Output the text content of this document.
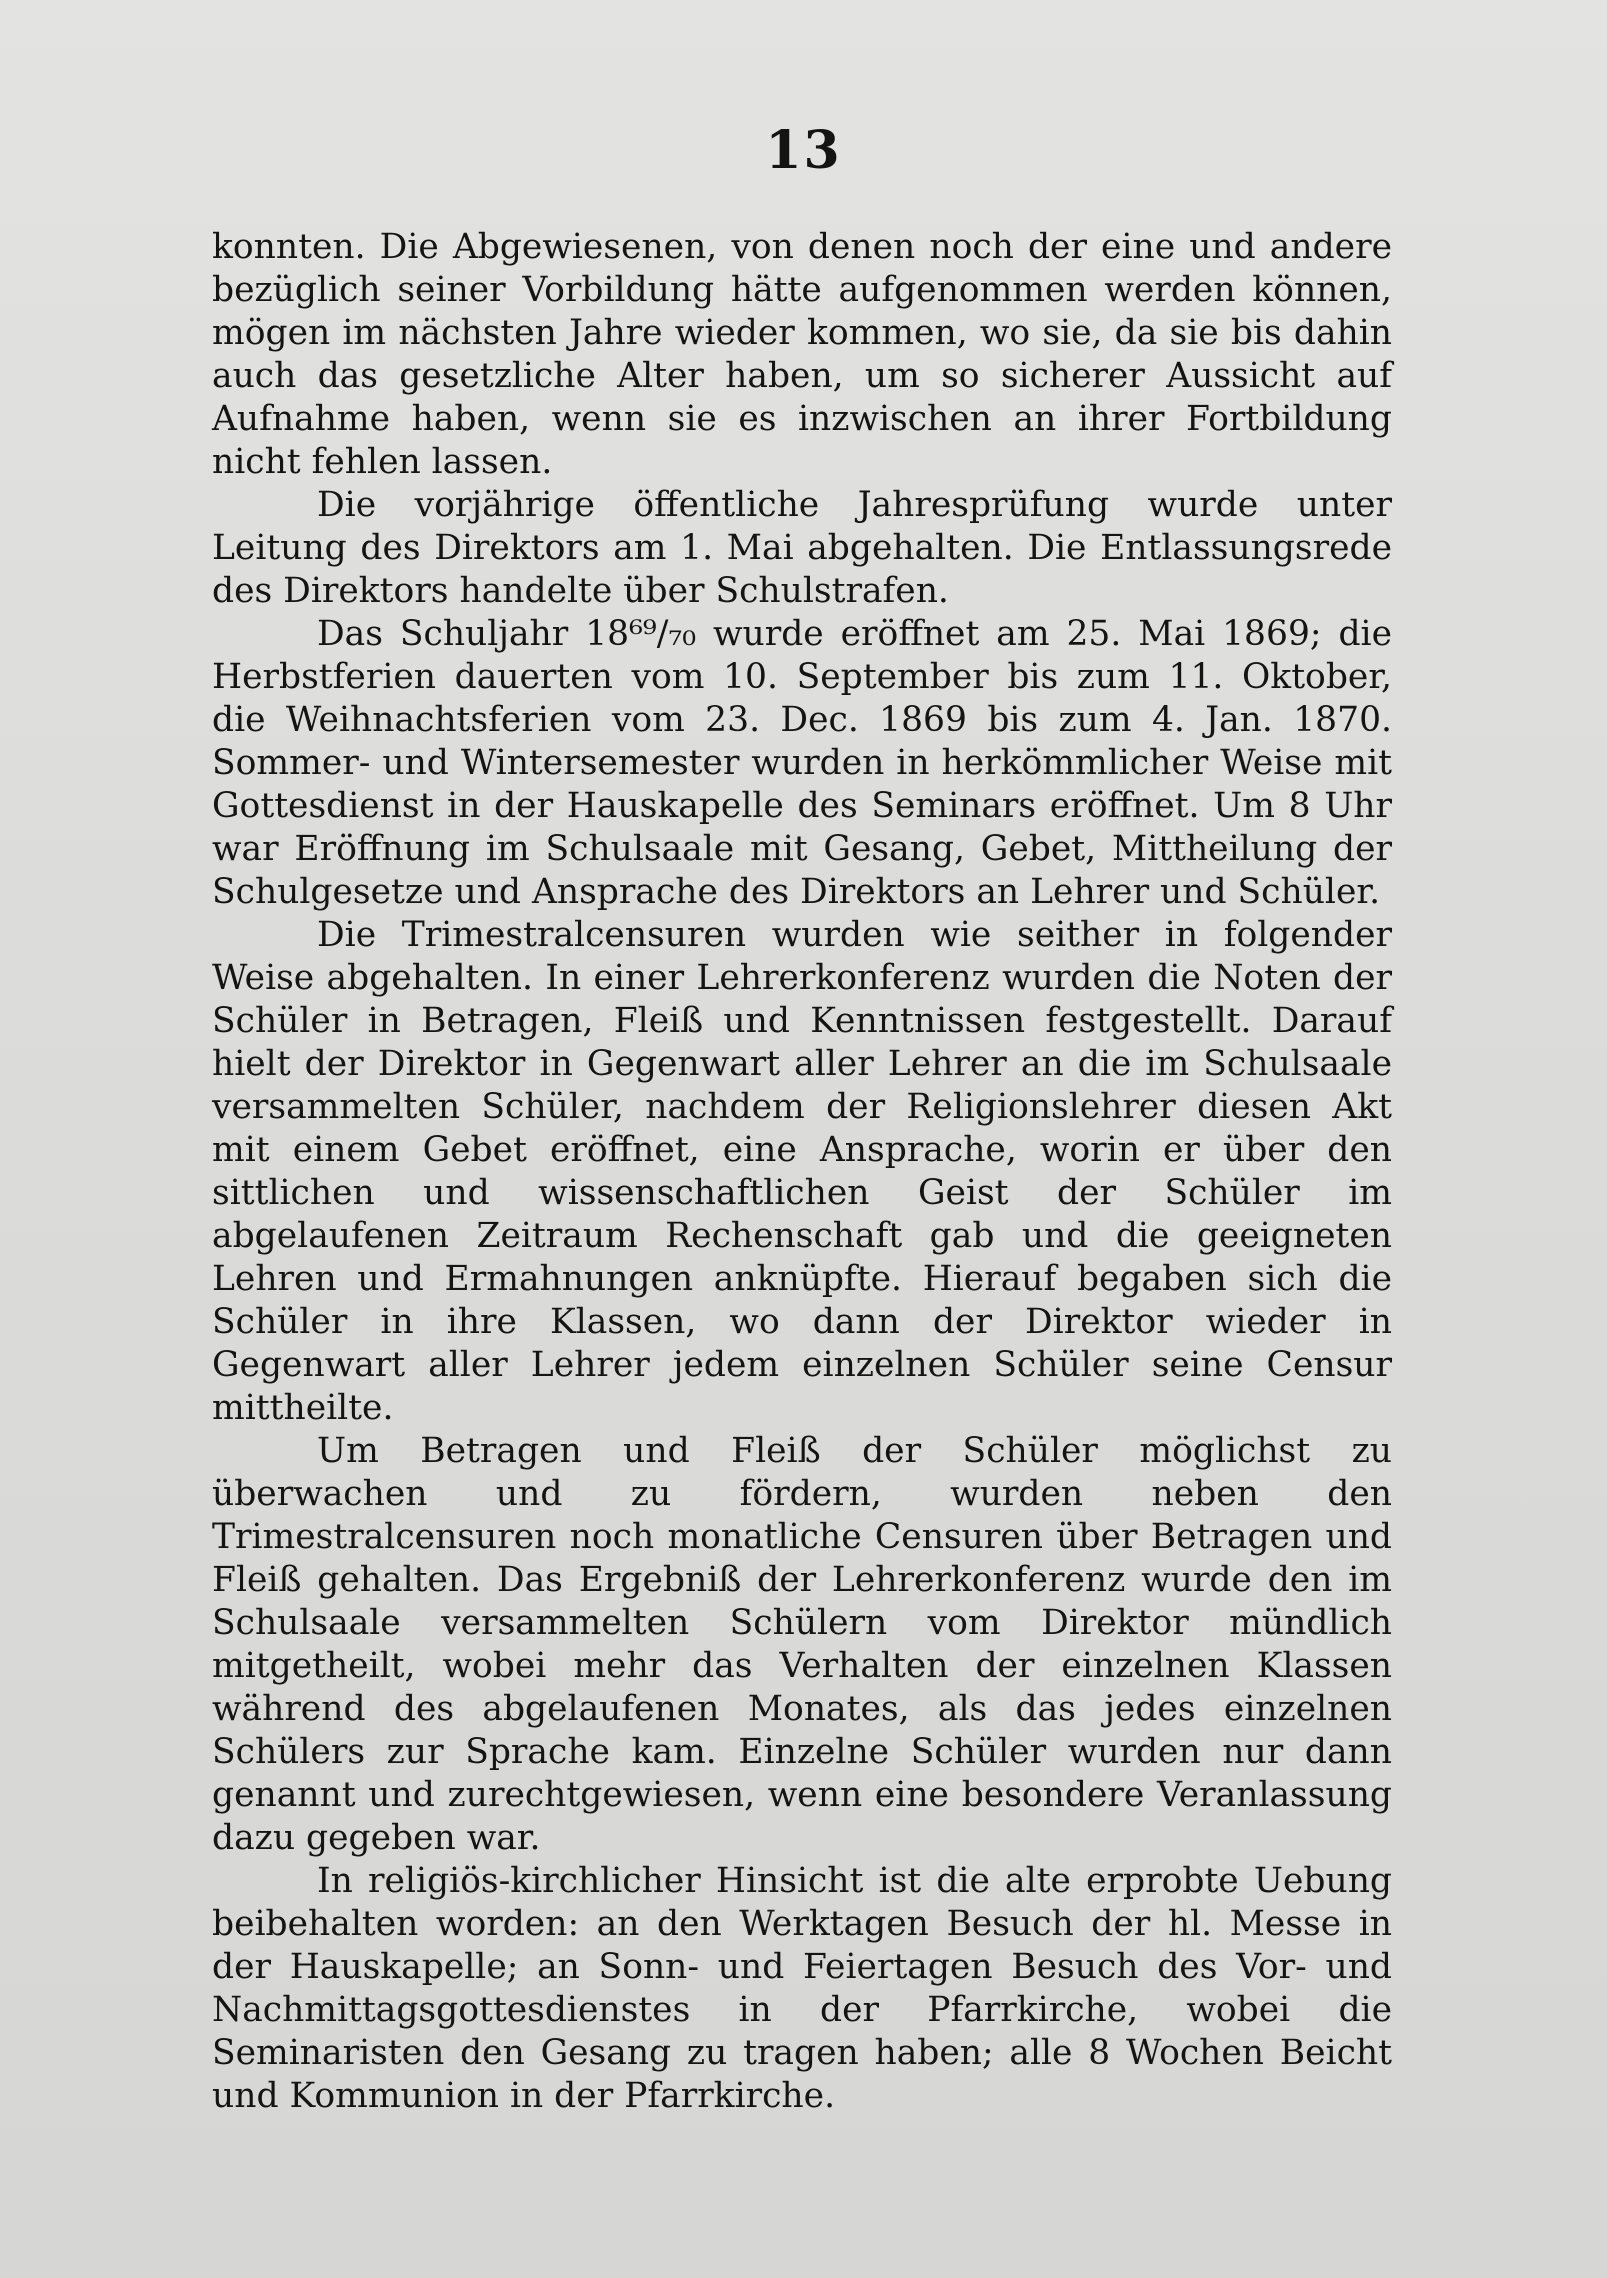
13

konnten. Die Abgewiesenen, von denen noch der eine und andere bezüglich seiner Vorbildung hätte aufgenommen werden können, mögen im nächsten Jahre wieder kommen, wo sie, da sie bis dahin auch das gesetzliche Alter haben, um so sicherer Aussicht auf Aufnahme haben, wenn sie es inzwischen an ihrer Fortbildung nicht fehlen lassen.

Die vorjährige öffentliche Jahresprüfung wurde unter Leitung des Direktors am 1. Mai abgehalten. Die Entlassungsrede des Direktors handelte über Schulstrafen.

Das Schuljahr 18⁶⁹/₇₀ wurde eröffnet am 25. Mai 1869; die Herbstferien dauerten vom 10. September bis zum 11. Oktober, die Weihnachtsferien vom 23. Dec. 1869 bis zum 4. Jan. 1870. Sommer- und Wintersemester wurden in herkömmlicher Weise mit Gottesdienst in der Hauskapelle des Seminars eröffnet. Um 8 Uhr war Eröffnung im Schulsaale mit Gesang, Gebet, Mittheilung der Schulgesetze und Ansprache des Direktors an Lehrer und Schüler.

Die Trimestralcensuren wurden wie seither in folgender Weise abgehalten. In einer Lehrerkonferenz wurden die Noten der Schüler in Betragen, Fleiß und Kenntnissen festgestellt. Darauf hielt der Direktor in Gegenwart aller Lehrer an die im Schulsaale versammelten Schüler, nachdem der Religionslehrer diesen Akt mit einem Gebet eröffnet, eine Ansprache, worin er über den sittlichen und wissenschaftlichen Geist der Schüler im abgelaufenen Zeitraum Rechenschaft gab und die geeigneten Lehren und Ermahnungen anknüpfte. Hierauf begaben sich die Schüler in ihre Klassen, wo dann der Direktor wieder in Gegenwart aller Lehrer jedem einzelnen Schüler seine Censur mittheilte.

Um Betragen und Fleiß der Schüler möglichst zu überwachen und zu fördern, wurden neben den Trimestralcensuren noch monatliche Censuren über Betragen und Fleiß gehalten. Das Ergebniß der Lehrerkonferenz wurde den im Schulsaale versammelten Schülern vom Direktor mündlich mitgetheilt, wobei mehr das Verhalten der einzelnen Klassen während des abgelaufenen Monates, als das jedes einzelnen Schülers zur Sprache kam. Einzelne Schüler wurden nur dann genannt und zurechtgewiesen, wenn eine besondere Veranlassung dazu gegeben war.

In religiös-kirchlicher Hinsicht ist die alte erprobte Uebung beibehalten worden: an den Werktagen Besuch der hl. Messe in der Hauskapelle; an Sonn- und Feiertagen Besuch des Vor- und Nachmittagsgottesdienstes in der Pfarrkirche, wobei die Seminaristen den Gesang zu tragen haben; alle 8 Wochen Beicht und Kommunion in der Pfarrkirche.
